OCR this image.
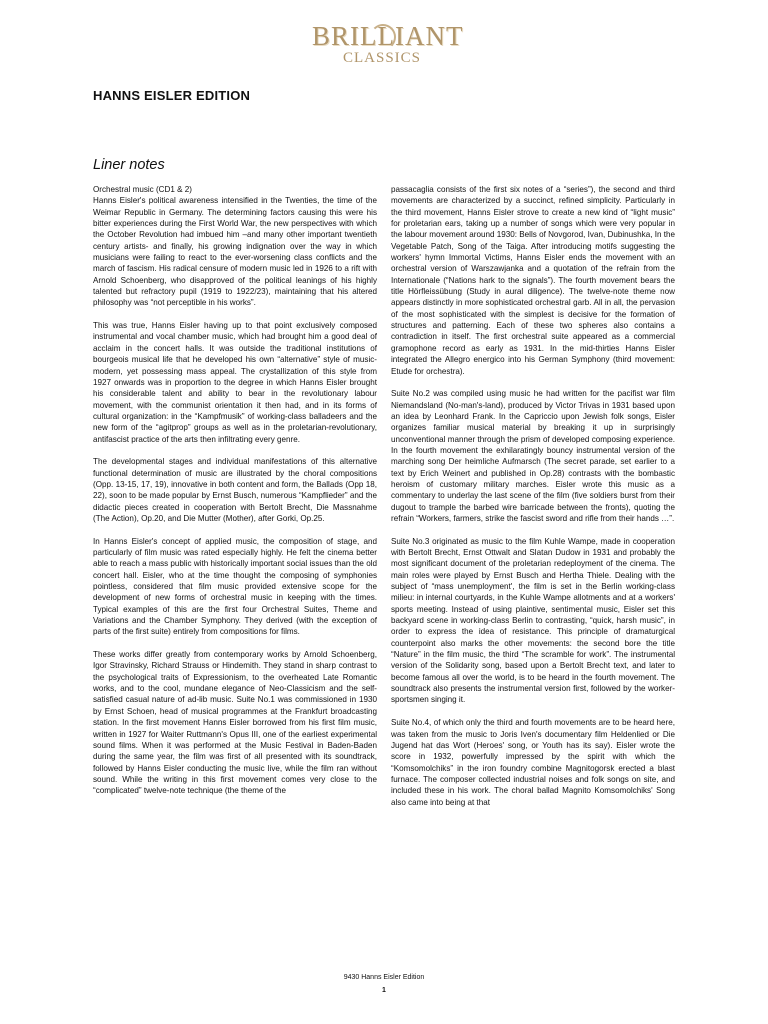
BRILLIANT
CLASSICS
HANNS EISLER EDITION
Liner notes

Orchestral music (CD1 & 2)

Hanns Eisler's political awareness intensified in the Twenties, the time of the Weimar Republic in Germany. The determining factors causing this were his bitter experiences during the First World War, the new perspectives with which the October Revolution had imbued him –and many other important twentieth century artists- and finally, his growing indignation over the way in which musicians were failing to react to the ever-worsening class conflicts and the march of fascism. His radical censure of modern music led in 1926 to a rift with Arnold Schoenberg, who disapproved of the political leanings of his highly talented but refractory pupil (1919 to 1922/23), maintaining that his altered philosophy was “not perceptible in his works”.

This was true, Hanns Eisler having up to that point exclusively composed instrumental and vocal chamber music, which had brought him a good deal of acclaim in the concert halls. It was outside the traditional institutions of bourgeois musical life that he developed his own “alternative” style of music-modern, yet possessing mass appeal. The crystallization of this style from 1927 onwards was in proportion to the degree in which Hanns Eisler brought his considerable talent and ability to bear in the revolutionary labour movement, with the communist orientation it then had, and in its forms of cultural organization: in the “Kampfmusik” of working-class balladeers and the new form of the “agitprop” groups as well as in the proletarian-revolutionary, antifascist practice of the arts then infiltrating every genre.

The developmental stages and individual manifestations of this alternative functional determination of music are illustrated by the choral compositions (Opp. 13-15, 17, 19), innovative in both content and form, the Ballads (Opp 18, 22), soon to be made popular by Ernst Busch, numerous “Kampflieder” and the didactic pieces created in cooperation with Bertolt Brecht, Die Massnahme (The Action), Op.20, and Die Mutter (Mother), after Gorki, Op.25.

In Hanns Eisler's concept of applied music, the composition of stage, and particularly of film music was rated especially highly. He felt the cinema better able to reach a mass public with historically important social issues than the old concert hall. Eisler, who at the time thought the composing of symphonies pointless, considered that film music provided extensive scope for the development of new forms of orchestral music in keeping with the times. Typical examples of this are the first four Orchestral Suites, Theme and Variations and the Chamber Symphony. They derived (with the exception of parts of the first suite) entirely from compositions for films.

These works differ greatly from contemporary works by Arnold Schoenberg, Igor Stravinsky, Richard Strauss or Hindemith. They stand in sharp contrast to the psychological traits of Expressionism, to the overheated Late Romantic works, and to the cool, mundane elegance of Neo-Classicism and the self-satisfied casual nature of ad-lib music. Suite No.1 was commissioned in 1930 by Ernst Schoen, head of musical programmes at the Frankfurt broadcasting station. In the first movement Hanns Eisler borrowed from his first film music, written in 1927 for Waiter Ruttmann's Opus III, one of the earliest experimental sound films. When it was performed at the Music Festival in Baden-Baden during the same year, the film was first of all presented with its soundtrack, followed by Hanns Eisler conducting the music live, while the film ran without sound. While the writing in this first movement comes very close to the “complicated” twelve-note technique (the theme of the

passacaglia consists of the first six notes of a “series”), the second and third movements are characterized by a succinct, refined simplicity. Particularly in the third movement, Hanns Eisler strove to create a new kind of “light music” for proletarian ears, taking up a number of songs which were very popular in the labour movement around 1930: Bells of Novgorod, Ivan, Dubinushka, In the Vegetable Patch, Song of the Taiga. After introducing motifs suggesting the workers' hymn Immortal Victims, Hanns Eisler ends the movement with an orchestral version of Warszawjanka and a quotation of the refrain from the Internationale (“Nations hark to the signals”). The fourth movement bears the title Hörfleissübung (Study in aural diligence). The twelve-note theme now appears distinctly in more sophisticated orchestral garb. All in all, the pervasion of the most sophisticated with the simplest is decisive for the formation of structures and patterning. Each of these two spheres also contains a contradiction in itself. The first orchestral suite appeared as a commercial gramophone record as early as 1931. In the mid-thirties Hanns Eisler integrated the Allegro energico into his German Symphony (third movement: Etude for orchestra).

Suite No.2 was compiled using music he had written for the pacifist war film Niemandsland (No-man's-land), produced by Victor Trivas in 1931 based upon an idea by Leonhard Frank. In the Capriccio upon Jewish folk songs, Eisler organizes familiar musical material by breaking it up in surprisingly unconventional manner through the prism of developed composing experience. In the fourth movement the exhilaratingly bouncy instrumental version of the marching song Der heimliche Aufmarsch (The secret parade, set earlier to a text by Erich Weinert and published in Op.28) contrasts with the bombastic heroism of customary military marches. Eisler wrote this music as a commentary to underlay the last scene of the film (five soldiers burst from their dugout to trample the barbed wire barricade between the fronts), quoting the refrain “Workers, farmers, strike the fascist sword and rifle from their hands …”.

Suite No.3 originated as music to the film Kuhle Wampe, made in cooperation with Bertolt Brecht, Ernst Ottwalt and Slatan Dudow in 1931 and probably the most significant document of the proletarian redeployment of the cinema. The main roles were played by Ernst Busch and Hertha Thiele. Dealing with the subject of “mass unemployment', the film is set in the Berlin working-class milieu: in internal courtyards, in the Kuhle Wampe allotments and at a workers' sports meeting. Instead of using plaintive, sentimental music, Eisler set this backyard scene in working-class Berlin to contrasting, “quick, harsh music”, in order to express the idea of resistance. This principle of dramaturgical counterpoint also marks the other movements: the second bore the title “Nature” in the film music, the third “The scramble for work”. The instrumental version of the Solidarity song, based upon a Bertolt Brecht text, and later to become famous all over the world, is to be heard in the fourth movement. The soundtrack also presents the instrumental version first, followed by the worker-sportsmen singing it.

Suite No.4, of which only the third and fourth movements are to be heard here, was taken from the music to Joris Iven's documentary film Heldenlied or Die Jugend hat das Wort (Heroes' song, or Youth has its say). Eisler wrote the score in 1932, powerfully impressed by the spirit with which the “Komsomolchiks” in the iron foundry combine Magnitogorsk erected a blast furnace. The composer collected industrial noises and folk songs on site, and included these in his work. The choral ballad Magnito Komsomolchiks' Song also came into being at that

9430 Hanns Eisler Edition
1
